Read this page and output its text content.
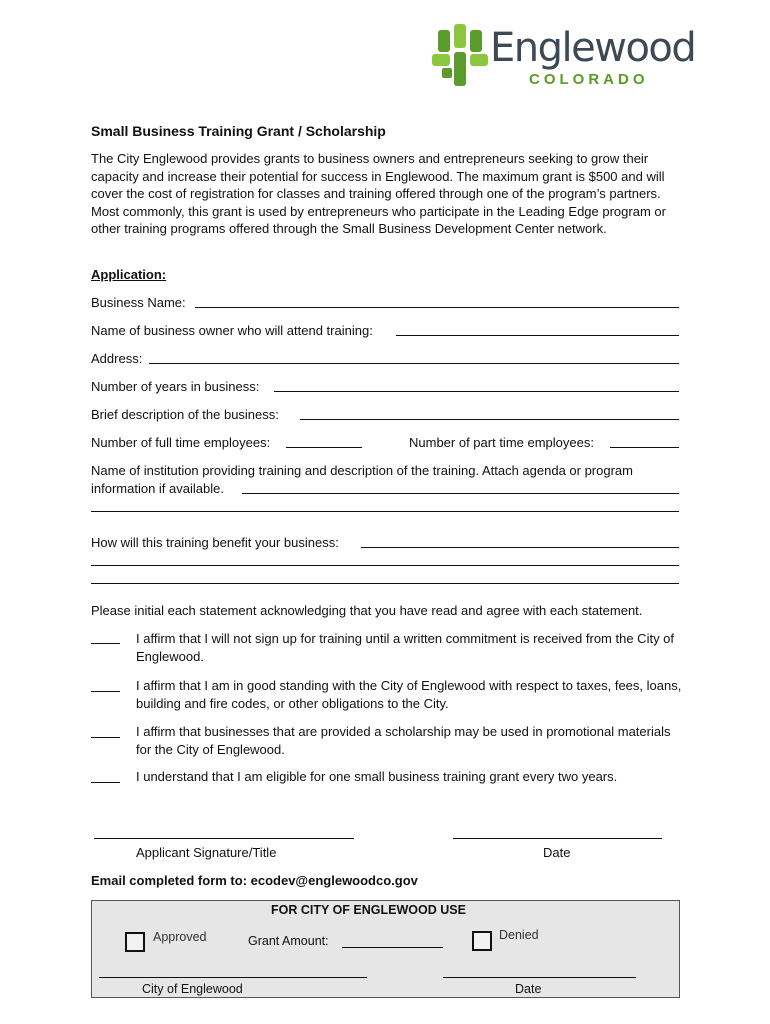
Englewood
COLORADO
Small Business Training Grant / Scholarship
The City Englewood provides grants to business owners and entrepreneurs seeking to grow their capacity and increase their potential for success in Englewood. The maximum grant is $500 and will cover the cost of registration for classes and training offered through one of the program’s partners. Most commonly, this grant is used by entrepreneurs who participate in the Leading Edge program or other training programs offered through the Small Business Development Center network.
Application:
Business Name:
Name of business owner who will attend training:
Address:
Number of years in business:
Brief description of the business:
Number of full time employees:	Number of part time employees:
Name of institution providing training and description of the training. Attach agenda or program
information if available.
How will this training benefit your business:
Please initial each statement acknowledging that you have read and agree with each statement.
I affirm that I will not sign up for training until a written commitment is received from the City of Englewood.
I affirm that I am in good standing with the City of Englewood with respect to taxes, fees, loans, building and fire codes, or other obligations to the City.
I affirm that businesses that are provided a scholarship may be used in promotional materials for the City of Englewood.
I understand that I am eligible for one small business training grant every two years.
Applicant Signature/Title	Date
Email completed form to: ecodev@englewoodco.gov
FOR CITY OF ENGLEWOOD USE
Approved	Grant Amount:	Denied
City of Englewood	Date
